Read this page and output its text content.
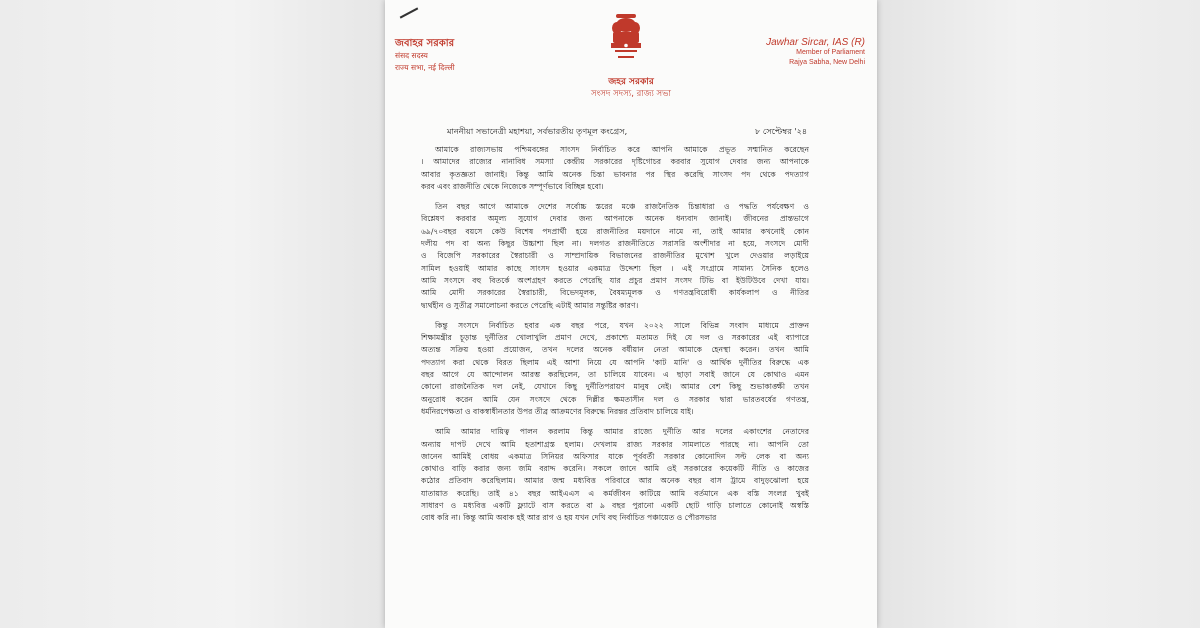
জবাহর সরকার
संसद सदस्य
राज्य सभा, नई दिल्ली
জহর সরকার
সংসদ সদস্য, রাজ্য সভা
Jawhar Sircar, IAS (R)
Member of Parliament
Rajya Sabha, New Delhi
মাননীয়া সভানেত্রী মহাশয়া, সর্বভারতীয় তৃণমূল কংগ্রেস,	৮ সেপ্টেম্বর '২৪
আমাকে রাজ্যসভায় পশ্চিমবঙ্গের সাংসদ নির্বাচিত করে আপনি আমাকে প্রভূত সম্মানিত করেছেন
। আমাদের রাজ্যের নানাবিধ সমস্যা কেন্দ্রীয় সরকারের দৃষ্টিগোচর করবার সুযোগ দেবার জন্য আপনাকে
আবার কৃতজ্ঞতা জানাই। কিন্তু আমি অনেক চিন্তা ভাবনার পর স্থির করেছি সাংসদ পদ থেকে পদত্যাগ
করব এবং রাজনীতি থেকে নিজেকে সম্পূর্ণভাবে বিচ্ছিন্ন হবো।
তিন বছর আগে আমাকে দেশের সর্বোচ্চ স্তরের মঞ্চে রাজনৈতিক চিন্তাধারা ও পদ্ধতি পর্যবেক্ষণ ও
বিশ্লেষণ করবার অমূল্য সুযোগ দেবার জন্য আপনাকে অনেক ধন্যবাদ জানাই। জীবনের প্রান্তভাগে
৬৯/৭০বছর বয়সে কেউ বিশেষ পদপ্রার্থী হয়ে রাজনীতির ময়দানে নামে না, তাই আমার কখনোই কোন
দলীয় পদ বা অন্য কিছুর উচ্চাশা ছিল না। দলগত রাজনীতিতে সরাসরি অংশীদার না হয়ে, সংসদে মোদী
ও বিজেপি সরকারের স্বৈরাচারী ও সাম্প্রদায়িক বিভাজনের রাজনীতির মুখোশ খুলে দেওয়ার লড়াইয়ে
সামিল হওয়াই আমার কাছে সাংসদ হওয়ার একমাত্র উদ্দেশ্য ছিল । এই সংগ্রামে সামান্য সৈনিক হলেও
আমি সংসদে বহু বিতর্কে অংশগ্রহণ করতে পেরেছি যার প্রচুর প্রমাণ সংসদ টিভি বা ইউটিউবে দেখা যায়।
আমি মোদী সরকারের স্বৈরাচারী, বিভেদমূলক, বৈষম্যমূলক ও গণতন্ত্রবিরোধী কার্যকলাপ ও নীতির
দ্ব্যর্থহীন ও সুতীব্র সমালোচনা করতে পেরেছি এটাই আমার সন্তুষ্টির কারণ।
কিন্তু সংসদে নির্বাচিত হবার এক বছর পরে, যখন ২০২২ সালে বিভিন্ন সংবাদ মাধ্যমে প্রাক্তন
শিক্ষামন্ত্রীর চূড়ান্ত দুর্নীতির খোলাখুলি প্রমাণ দেখে, প্রকাশ্যে মতামত দিই যে দল ও সরকারের এই ব্যাপারে
অত্যন্ত সক্রিয় হওয়া প্রয়োজন, তখন দলের অনেক বর্ষীয়ান নেতা আমাকে হেনস্থা করেন। তখন আমি
পদত্যাগ করা থেকে বিরত ছিলাম এই আশা নিয়ে যে আপনি 'কাট মানি' ও আর্থিক দুর্নীতির বিরুদ্ধে এক
বছর আগে যে আন্দোলন আরম্ভ করছিলেন, তা চালিয়ে যাবেন। এ ছাড়া সবাই জানে যে কোথাও এমন
কোনো রাজনৈতিক দল নেই, যেখানে কিছু দুর্নীতিপরায়ণ মানুষ নেই। আমার বেশ কিছু শুভাকাঙ্ক্ষী তখন
অনুরোধ করেন আমি যেন সংসদে থেকে দিল্লীর ক্ষমতাসীন দল ও সরকার দ্বারা ভারতবর্ষের গণতন্ত্র,
ধর্মনিরপেক্ষতা ও বাকস্বাধীনতার উপর তীব্র আক্রমণের বিরুদ্ধে নিরন্তর প্রতিবাদ চালিয়ে যাই।
আমি আমার দায়িত্ব পালন করলাম কিন্তু আমার রাজ্যে দুর্নীতি আর দলের একাংশের নেতাদের
অন্যায় দাপট দেখে আমি হতাশাগ্রস্ত হলাম। দেখলাম রাজ্য সরকার সামলাতে পারছে না। আপনি তো
জানেন আমিই বোধয় একমাত্র সিনিয়র অফিসার যাকে পূর্ববর্তী সরকার কোনোদিন সল্ট লেক বা অন্য
কোথাও বাড়ি করার জন্য জমি বরাদ্দ করেনি। সকলে জানে আমি ওই সরকারের কয়েকটি নীতি ও কাজের
কঠোর প্রতিবাদ করেছিলাম। আমার জন্ম মধ্যবিত্ত পরিবারে আর অনেক বছর বাস ট্রামে বাদুড়ঝোলা হয়ে
যাতায়াত করেছি। তাই ৪১ বছর আইএএস এ কর্মজীবন কাটিয়ে আমি বর্তমানে এক বস্তি সংলগ্ন খুবই
সাধারণ ও মধ্যবিত্ত একটি ফ্ল্যাটে বাস করতে বা ৯ বছর পুরানো একটি ছোট গাড়ি চালাতে কোনোই অস্বস্তি
বোধ করি না। কিন্তু আমি অবাক হই আর রাগ ও হয় যখন দেখি বহু নির্বাচিত পঞ্চায়েত ও পৌরসভার
